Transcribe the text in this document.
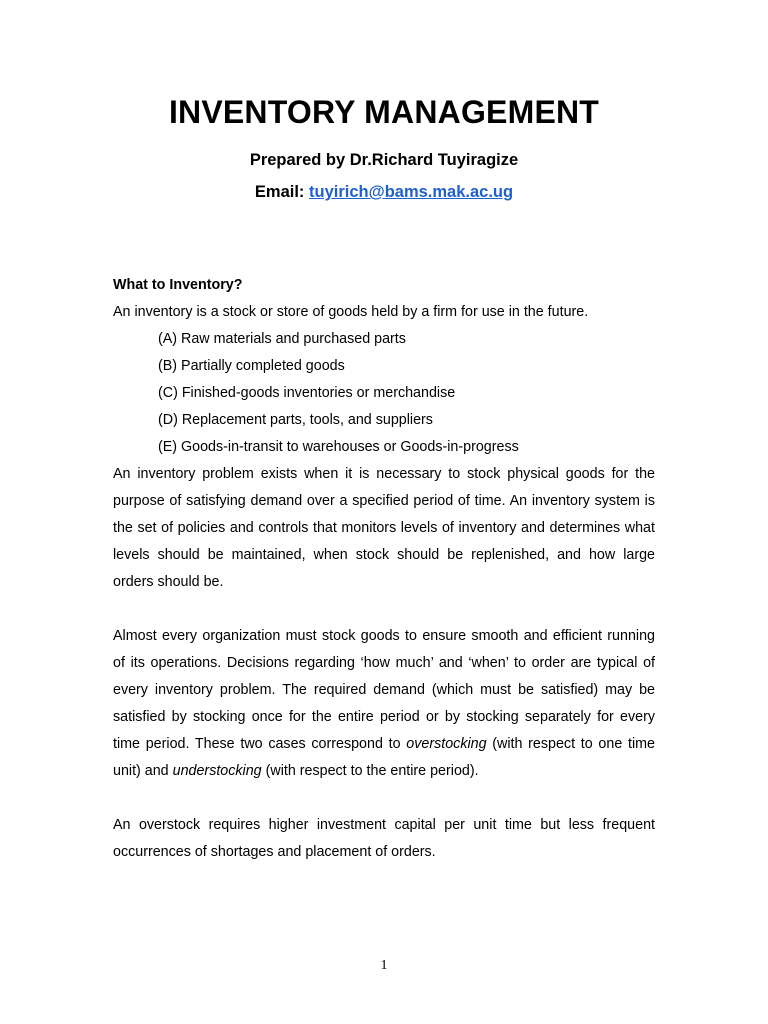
INVENTORY MANAGEMENT

Prepared by Dr.Richard Tuyiragize

Email: tuyirich@bams.mak.ac.ug

What to Inventory?

An inventory is a stock or store of goods held by a firm for use in the future.

(A) Raw materials and purchased parts
(B) Partially completed goods
(C) Finished-goods inventories or merchandise
(D) Replacement parts, tools, and suppliers
(E) Goods-in-transit to warehouses or Goods-in-progress

An inventory problem exists when it is necessary to stock physical goods for the purpose of satisfying demand over a specified period of time. An inventory system is the set of policies and controls that monitors levels of inventory and determines what levels should be maintained, when stock should be replenished, and how large orders should be.

Almost every organization must stock goods to ensure smooth and efficient running of its operations. Decisions regarding ‘how much’ and ‘when’ to order are typical of every inventory problem. The required demand (which must be satisfied) may be satisfied by stocking once for the entire period or by stocking separately for every time period. These two cases correspond to overstocking (with respect to one time unit) and understocking (with respect to the entire period).

An overstock requires higher investment capital per unit time but less frequent occurrences of shortages and placement of orders.

1
